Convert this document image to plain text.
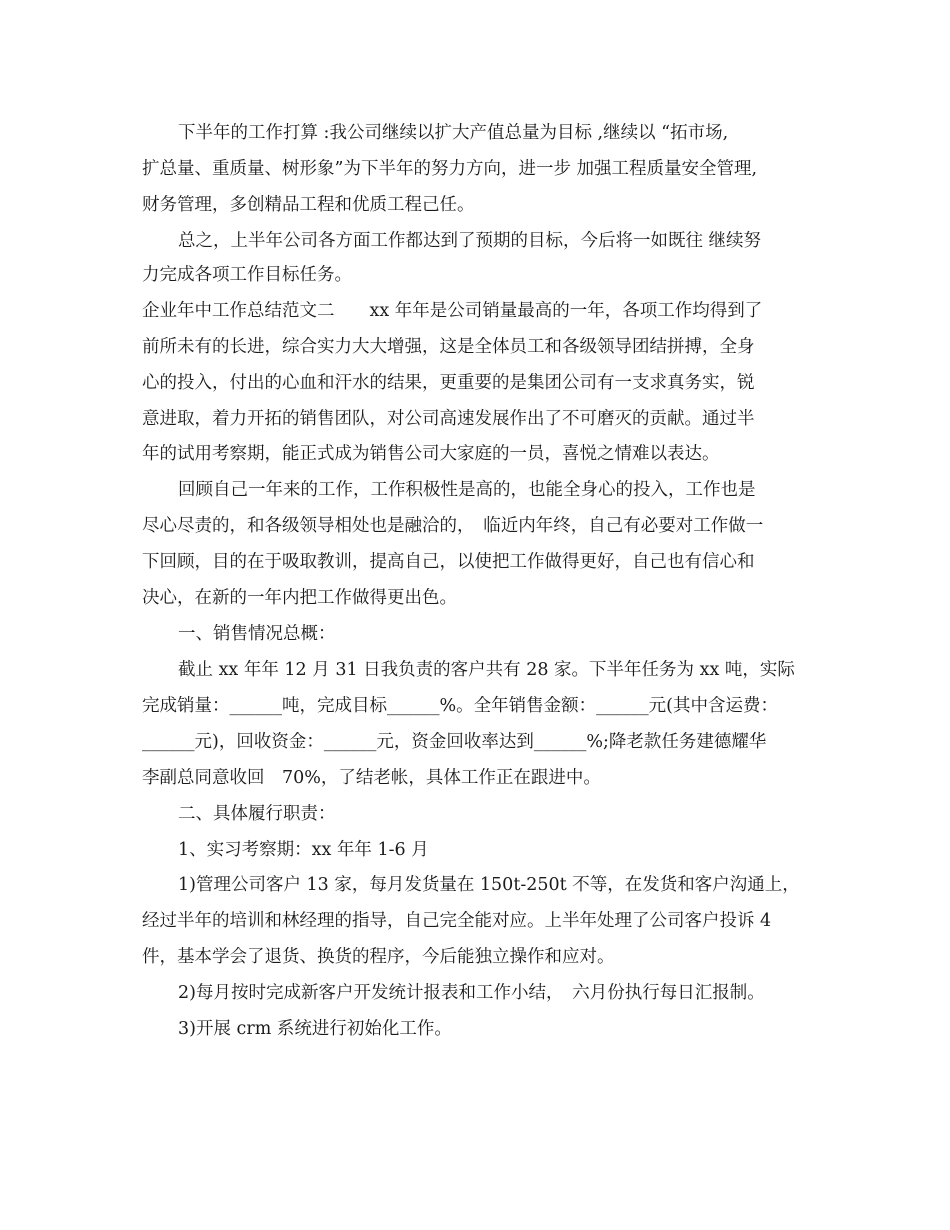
下半年的工作打算 :我公司继续以扩大产值总量为目标 ,继续以 “拓市场,
扩总量、重质量、树形象”为下半年的努力方向，进一步 加强工程质量安全管理,
财务管理，多创精品工程和优质工程己任。
总之，上半年公司各方面工作都达到了预期的目标，今后将一如既往 继续努
力完成各项工作目标任务。
企业年中工作总结范文二　　xx 年年是公司销量最高的一年，各项工作均得到了
前所未有的长进，综合实力大大增强，这是全体员工和各级领导团结拼搏，全身
心的投入，付出的心血和汗水的结果，更重要的是集团公司有一支求真务实，锐
意进取，着力开拓的销售团队，对公司高速发展作出了不可磨灭的贡献。通过半
年的试用考察期，能正式成为销售公司大家庭的一员，喜悦之情难以表达。
回顾自己一年来的工作，工作积极性是高的，也能全身心的投入，工作也是
尽心尽责的，和各级领导相处也是融洽的，　临近内年终，自己有必要对工作做一
下回顾，目的在于吸取教训，提高自己，以使把工作做得更好，自己也有信心和
决心，在新的一年内把工作做得更出色。
一、销售情况总概：
截止 xx 年年 12 月 31 日我负责的客户共有 28 家。下半年任务为 xx 吨，实际
完成销量：______吨，完成目标______%。全年销售金额：______元(其中含运费：
______元)，回收资金：______元，资金回收率达到______%;降老款任务建德耀华
李副总同意收回　70%，了结老帐，具体工作正在跟进中。
二、具体履行职责：
1、实习考察期：xx 年年 1-6 月
1)管理公司客户 13 家，每月发货量在 150t-250t 不等，在发货和客户沟通上，
经过半年的培训和林经理的指导，自己完全能对应。上半年处理了公司客户投诉 4
件，基本学会了退货、换货的程序，今后能独立操作和应对。
2)每月按时完成新客户开发统计报表和工作小结，　六月份执行每日汇报制。
3)开展 crm 系统进行初始化工作。
